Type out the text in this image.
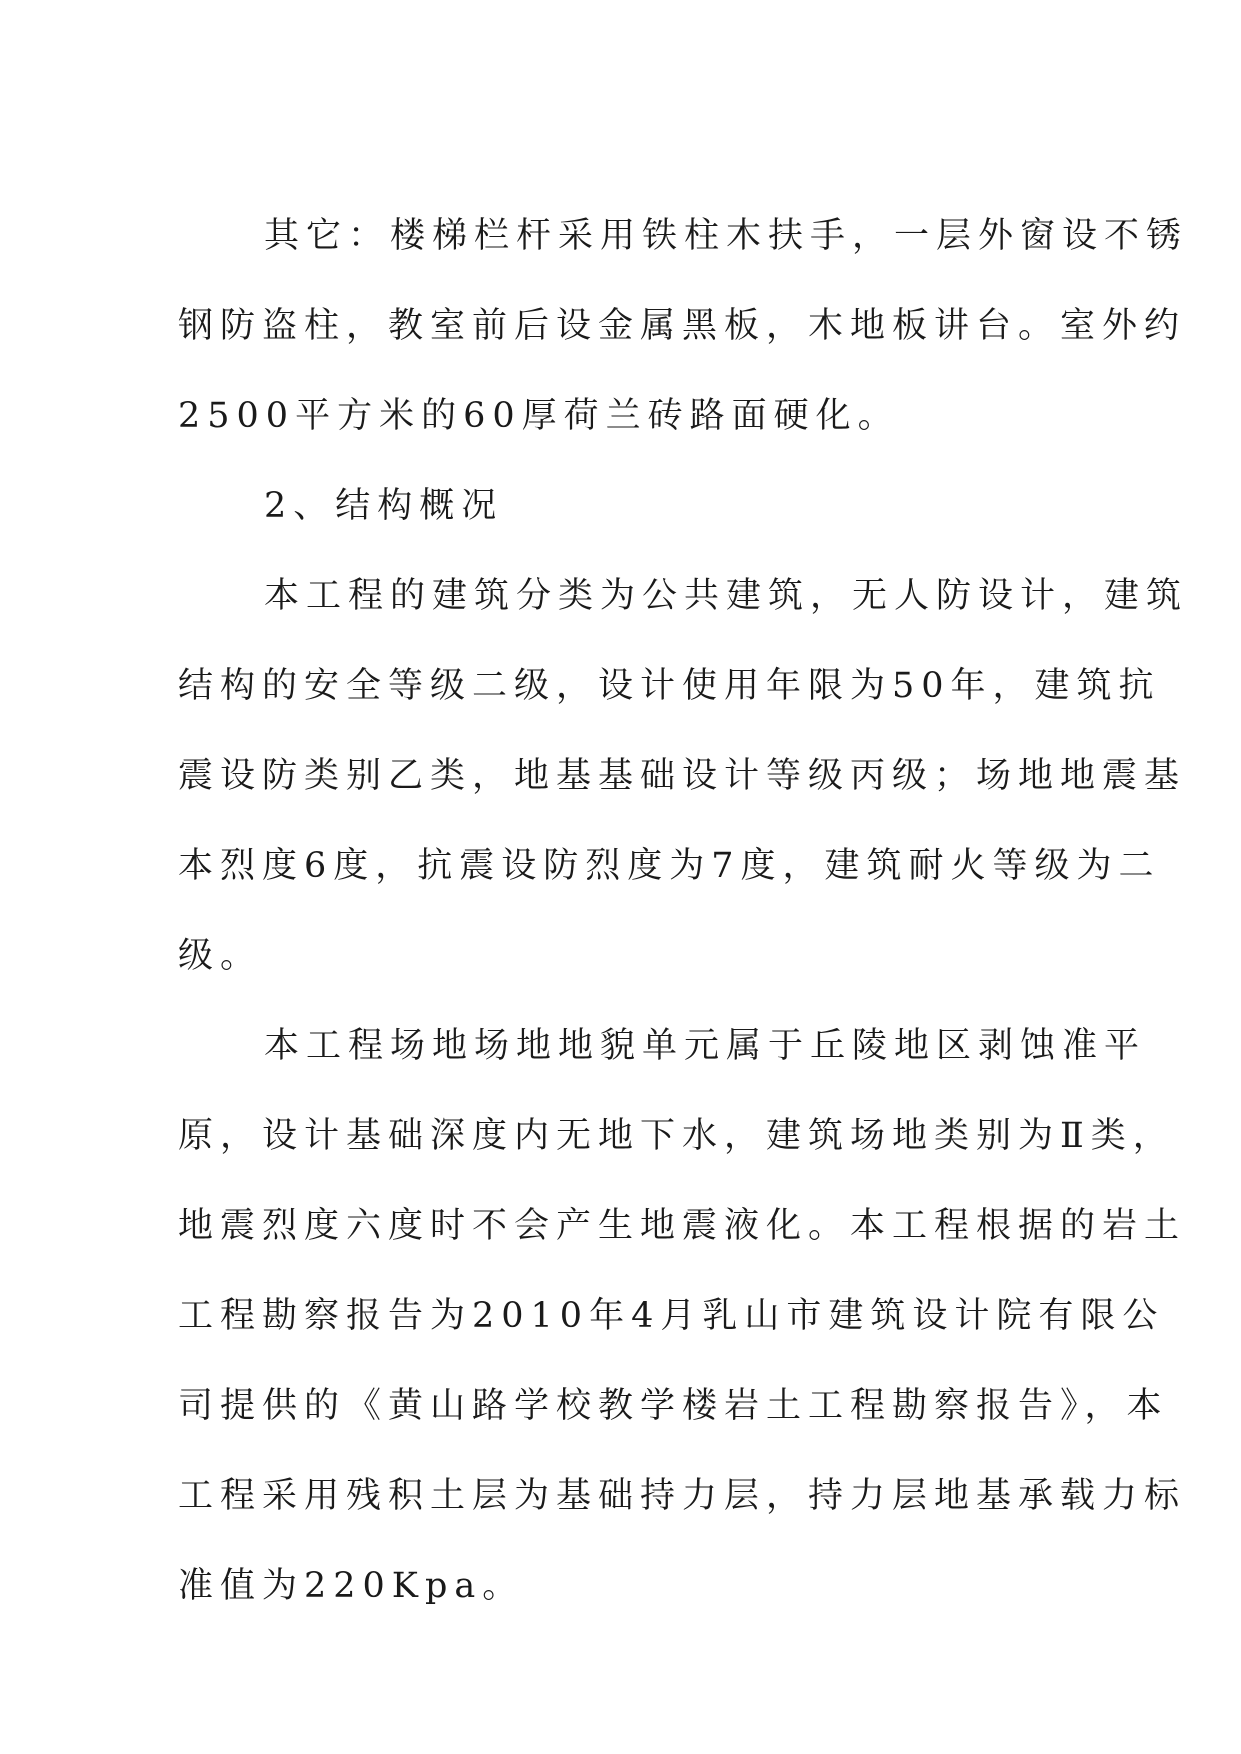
其它：楼梯栏杆采用铁柱木扶手，一层外窗设不锈
钢防盗柱，教室前后设金属黑板，木地板讲台。室外约
2500平方米的60厚荷兰砖路面硬化。
2、结构概况
本工程的建筑分类为公共建筑，无人防设计，建筑
结构的安全等级二级，设计使用年限为50年，建筑抗
震设防类别乙类，地基基础设计等级丙级；场地地震基
本烈度6度，抗震设防烈度为7度，建筑耐火等级为二
级。
本工程场地场地地貌单元属于丘陵地区剥蚀准平
原，设计基础深度内无地下水，建筑场地类别为Ⅱ类，
地震烈度六度时不会产生地震液化。本工程根据的岩土
工程勘察报告为2010年4月乳山市建筑设计院有限公
司提供的《黄山路学校教学楼岩土工程勘察报告》，本
工程采用残积土层为基础持力层，持力层地基承载力标
准值为220Kpa。
